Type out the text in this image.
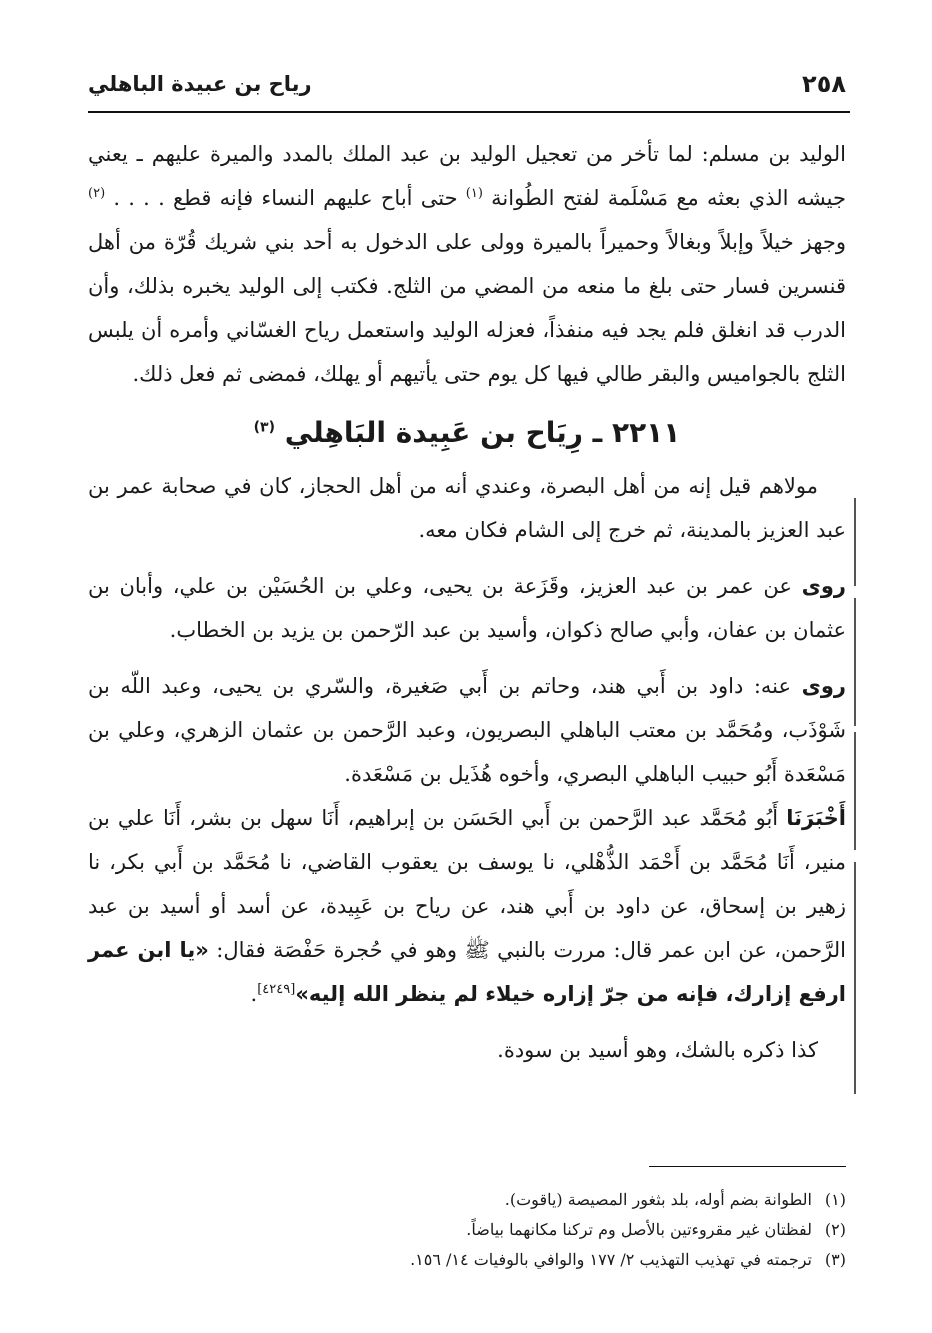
٢٥٨
رياح بن عبيدة الباهلي

الوليد بن مسلم: لما تأخر من تعجيل الوليد بن عبد الملك بالمدد والميرة عليهم ـ يعني جيشه الذي بعثه مع مَسْلَمة لفتح الطُوانة $^{(١)}$ حتى أباح عليهم النساء فإنه قطع . . . . $^{(٢)}$ وجهز خيلاً وإبلاً وبغالاً وحميراً بالميرة وولى على الدخول به أحد بني شريك قُرّة من أهل قنسرين فسار حتى بلغ ما منعه من المضي من الثلج. فكتب إلى الوليد يخبره بذلك، وأن الدرب قد انغلق فلم يجد فيه منفذاً، فعزله الوليد واستعمل رياح الغسّاني وأمره أن يلبس الثلج بالجواميس والبقر طالي فيها كل يوم حتى يأتيهم أو يهلك، فمضى ثم فعل ذلك.

٢٢١١ ـ رِيَاح بن عَبِيدة البَاهِلي $^{(٣)}$

مولاهم قيل إنه من أهل البصرة، وعندي أنه من أهل الحجاز، كان في صحابة عمر بن عبد العزيز بالمدينة، ثم خرج إلى الشام فكان معه.

روى عن عمر بن عبد العزيز، وقَزَعة بن يحيى، وعلي بن الحُسَيْن بن علي، وأبان بن عثمان بن عفان، وأبي صالح ذكوان، وأسيد بن عبد الرّحمن بن يزيد بن الخطاب.

روى عنه: داود بن أَبي هند، وحاتم بن أَبي صَغيرة، والسّري بن يحيى، وعبد اللّه بن شَوْذَب، ومُحَمَّد بن معتب الباهلي البصريون، وعبد الرَّحمن بن عثمان الزهري، وعلي بن مَسْعَدة أَبُو حبيب الباهلي البصري، وأخوه هُذَيل بن مَسْعَدة.

أَخْبَرَنَا أَبُو مُحَمَّد عبد الرَّحمن بن أَبي الحَسَن بن إبراهيم، أَنَا سهل بن بشر، أَنَا علي بن منير، أَنَا مُحَمَّد بن أَحْمَد الذُّهْلي، نا يوسف بن يعقوب القاضي، نا مُحَمَّد بن أَبي بكر، نا زهير بن إسحاق، عن داود بن أَبي هند، عن رياح بن عَبِيدة، عن أسد أو أسيد بن عبد الرَّحمن، عن ابن عمر قال: مررت بالنبي ﷺ وهو في حُجرة حَفْصَة فقال: «يا ابن عمر ارفع إزارك، فإنه من جرّ إزاره خيلاء لم ينظر الله إليه»[٤٢٤٩].

كذا ذكره بالشك، وهو أسيد بن سودة.

(١)الطوانة بضم أوله، بلد بثغور المصيصة (ياقوت).

(٢)لفظتان غير مقروءتين بالأصل وم تركنا مكانهما بياضاً.

(٣)ترجمته في تهذيب التهذيب ٢/ ١٧٧ والوافي بالوفيات ١٤/ ١٥٦.
